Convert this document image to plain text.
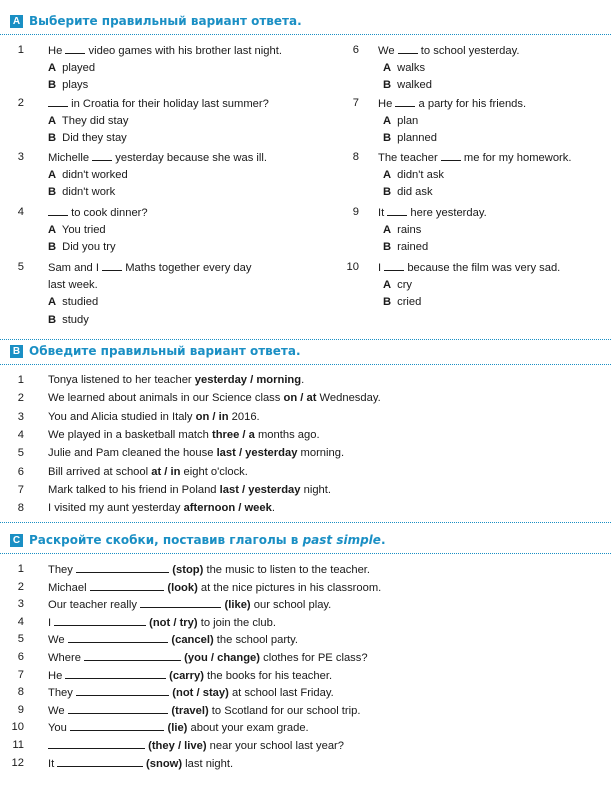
A Выберите правильный вариант ответа.
1 He  video games with his brother last night.
A played
B plays
2	in Croatia for their holiday last summer?
A They did stay
B Did they stay
3 Michelle  yesterday because she was ill.
A didn't worked
B didn't work
4	to cook dinner?
A You tried
B Did you try
5 Sam and I  Maths together every day
last week.
A studied
B study
6 We  to school yesterday.
A walks
B walked
7 He  a party for his friends.
A plan
B planned
8 The teacher  me for my homework.
A didn't ask
B did ask
9 It  here yesterday.
A rains
B rained
10 I  because the film was very sad.
A cry
B cried
B Обведите правильный вариант ответа.
1 Tonya listened to her teacher yesterday / morning.
2 We learned about animals in our Science class on / at Wednesday.
3 You and Alicia studied in Italy on / in 2016.
4 We played in a basketball match three / a months ago.
5 Julie and Pam cleaned the house last / yesterday morning.
6 Bill arrived at school at / in eight o'clock.
7 Mark talked to his friend in Poland last / yesterday night.
8 I visited my aunt yesterday afternoon / week.
C Раскройте скобки, поставив глаголы в past simple.
1 They	(stop) the music to listen to the teacher.
2 Michael	(look) at the nice pictures in his classroom.
3 Our teacher really	(like) our school play.
4 I	(not / try) to join the club.
5 We	(cancel) the school party.
6 Where	(you / change) clothes for PE class?
7 He	(carry) the books for his teacher.
8 They	(not / stay) at school last Friday.
9 We	(travel) to Scotland for our school trip.
10 You	(lie) about your exam grade.
11	(they / live) near your school last year?
12 It	(snow) last night.
